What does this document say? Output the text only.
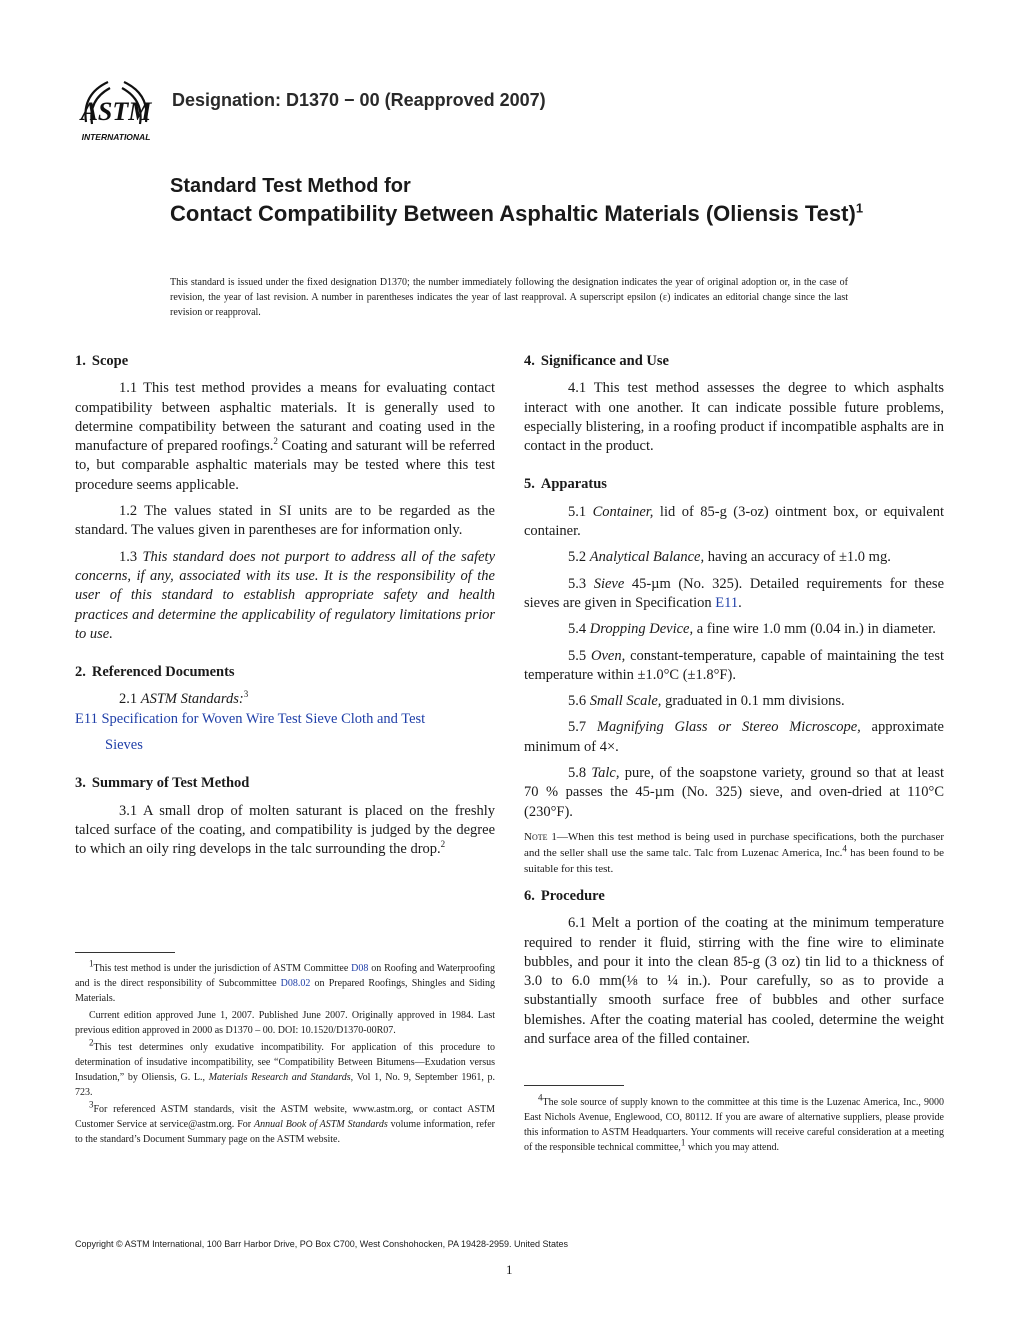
ASTM
INTERNATIONAL
Designation: D1370 − 00 (Reapproved 2007)
Standard Test Method for
Contact Compatibility Between Asphaltic Materials (Oliensis Test)$^1$
This standard is issued under the fixed designation D1370; the number immediately following the designation indicates the year of original adoption or, in the case of revision, the year of last revision. A number in parentheses indicates the year of last reapproval. A superscript epsilon (ε) indicates an editorial change since the last revision or reapproval.
1. Scope

1.1 This test method provides a means for evaluating contact compatibility between asphaltic materials. It is generally used to determine compatibility between the saturant and coating used in the manufacture of prepared roofings.$^2$ Coating and saturant will be referred to, but comparable asphaltic materials may be tested where this test procedure seems applicable.

1.2 The values stated in SI units are to be regarded as the standard. The values given in parentheses are for information only.

1.3 This standard does not purport to address all of the safety concerns, if any, associated with its use. It is the responsibility of the user of this standard to establish appropriate safety and health practices and determine the applicability of regulatory limitations prior to use.

2. Referenced Documents

2.1 ASTM Standards:$^3$

E11 Specification for Woven Wire Test Sieve Cloth and Test

Sieves

3. Summary of Test Method

3.1 A small drop of molten saturant is placed on the freshly talced surface of the coating, and compatibility is judged by the degree to which an oily ring develops in the talc surrounding the drop.$^2$

4. Significance and Use

4.1 This test method assesses the degree to which asphalts interact with one another. It can indicate possible future problems, especially blistering, in a roofing product if incompatible asphalts are in contact in the product.

5. Apparatus

5.1 Container, lid of 85-g (3-oz) ointment box, or equivalent container.

5.2 Analytical Balance, having an accuracy of ±1.0 mg.

5.3 Sieve 45-µm (No. 325). Detailed requirements for these sieves are given in Specification E11.

5.4 Dropping Device, a fine wire 1.0 mm (0.04 in.) in diameter.

5.5 Oven, constant-temperature, capable of maintaining the test temperature within ±1.0°C (±1.8°F).

5.6 Small Scale, graduated in 0.1 mm divisions.

5.7 Magnifying Glass or Stereo Microscope, approximate minimum of 4×.

5.8 Talc, pure, of the soapstone variety, ground so that at least 70 % passes the 45-µm (No. 325) sieve, and oven-dried at 110°C (230°F).

Note 1—When this test method is being used in purchase specifications, both the purchaser and the seller shall use the same talc. Talc from Luzenac America, Inc.$^4$ has been found to be suitable for this test.

6. Procedure

6.1 Melt a portion of the coating at the minimum temperature required to render it fluid, stirring with the fine wire to eliminate bubbles, and pour it into the clean 85-g (3 oz) tin lid to a thickness of 3.0 to 6.0 mm(⅛ to ¼ in.). Pour carefully, so as to provide a substantially smooth surface free of bubbles and other surface blemishes. After the coating material has cooled, determine the weight and surface area of the filled container.

$^1$This test method is under the jurisdiction of ASTM Committee D08 on Roofing and Waterproofing and is the direct responsibility of Subcommittee D08.02 on Prepared Roofings, Shingles and Siding Materials.

Current edition approved June 1, 2007. Published June 2007. Originally approved in 1984. Last previous edition approved in 2000 as D1370 – 00. DOI: 10.1520/D1370-00R07.

$^2$This test determines only exudative incompatibility. For application of this procedure to determination of insudative incompatibility, see “Compatibility Between Bitumens—Exudation versus Insudation,” by Oliensis, G. L., Materials Research and Standards, Vol 1, No. 9, September 1961, p. 723.

$^3$For referenced ASTM standards, visit the ASTM website, www.astm.org, or contact ASTM Customer Service at service@astm.org. For Annual Book of ASTM Standards volume information, refer to the standard’s Document Summary page on the ASTM website.

$^4$The sole source of supply known to the committee at this time is the Luzenac America, Inc., 9000 East Nichols Avenue, Englewood, CO, 80112. If you are aware of alternative suppliers, please provide this information to ASTM Headquarters. Your comments will receive careful consideration at a meeting of the responsible technical committee,$^1$ which you may attend.

Copyright © ASTM International, 100 Barr Harbor Drive, PO Box C700, West Conshohocken, PA 19428-2959. United States
1
